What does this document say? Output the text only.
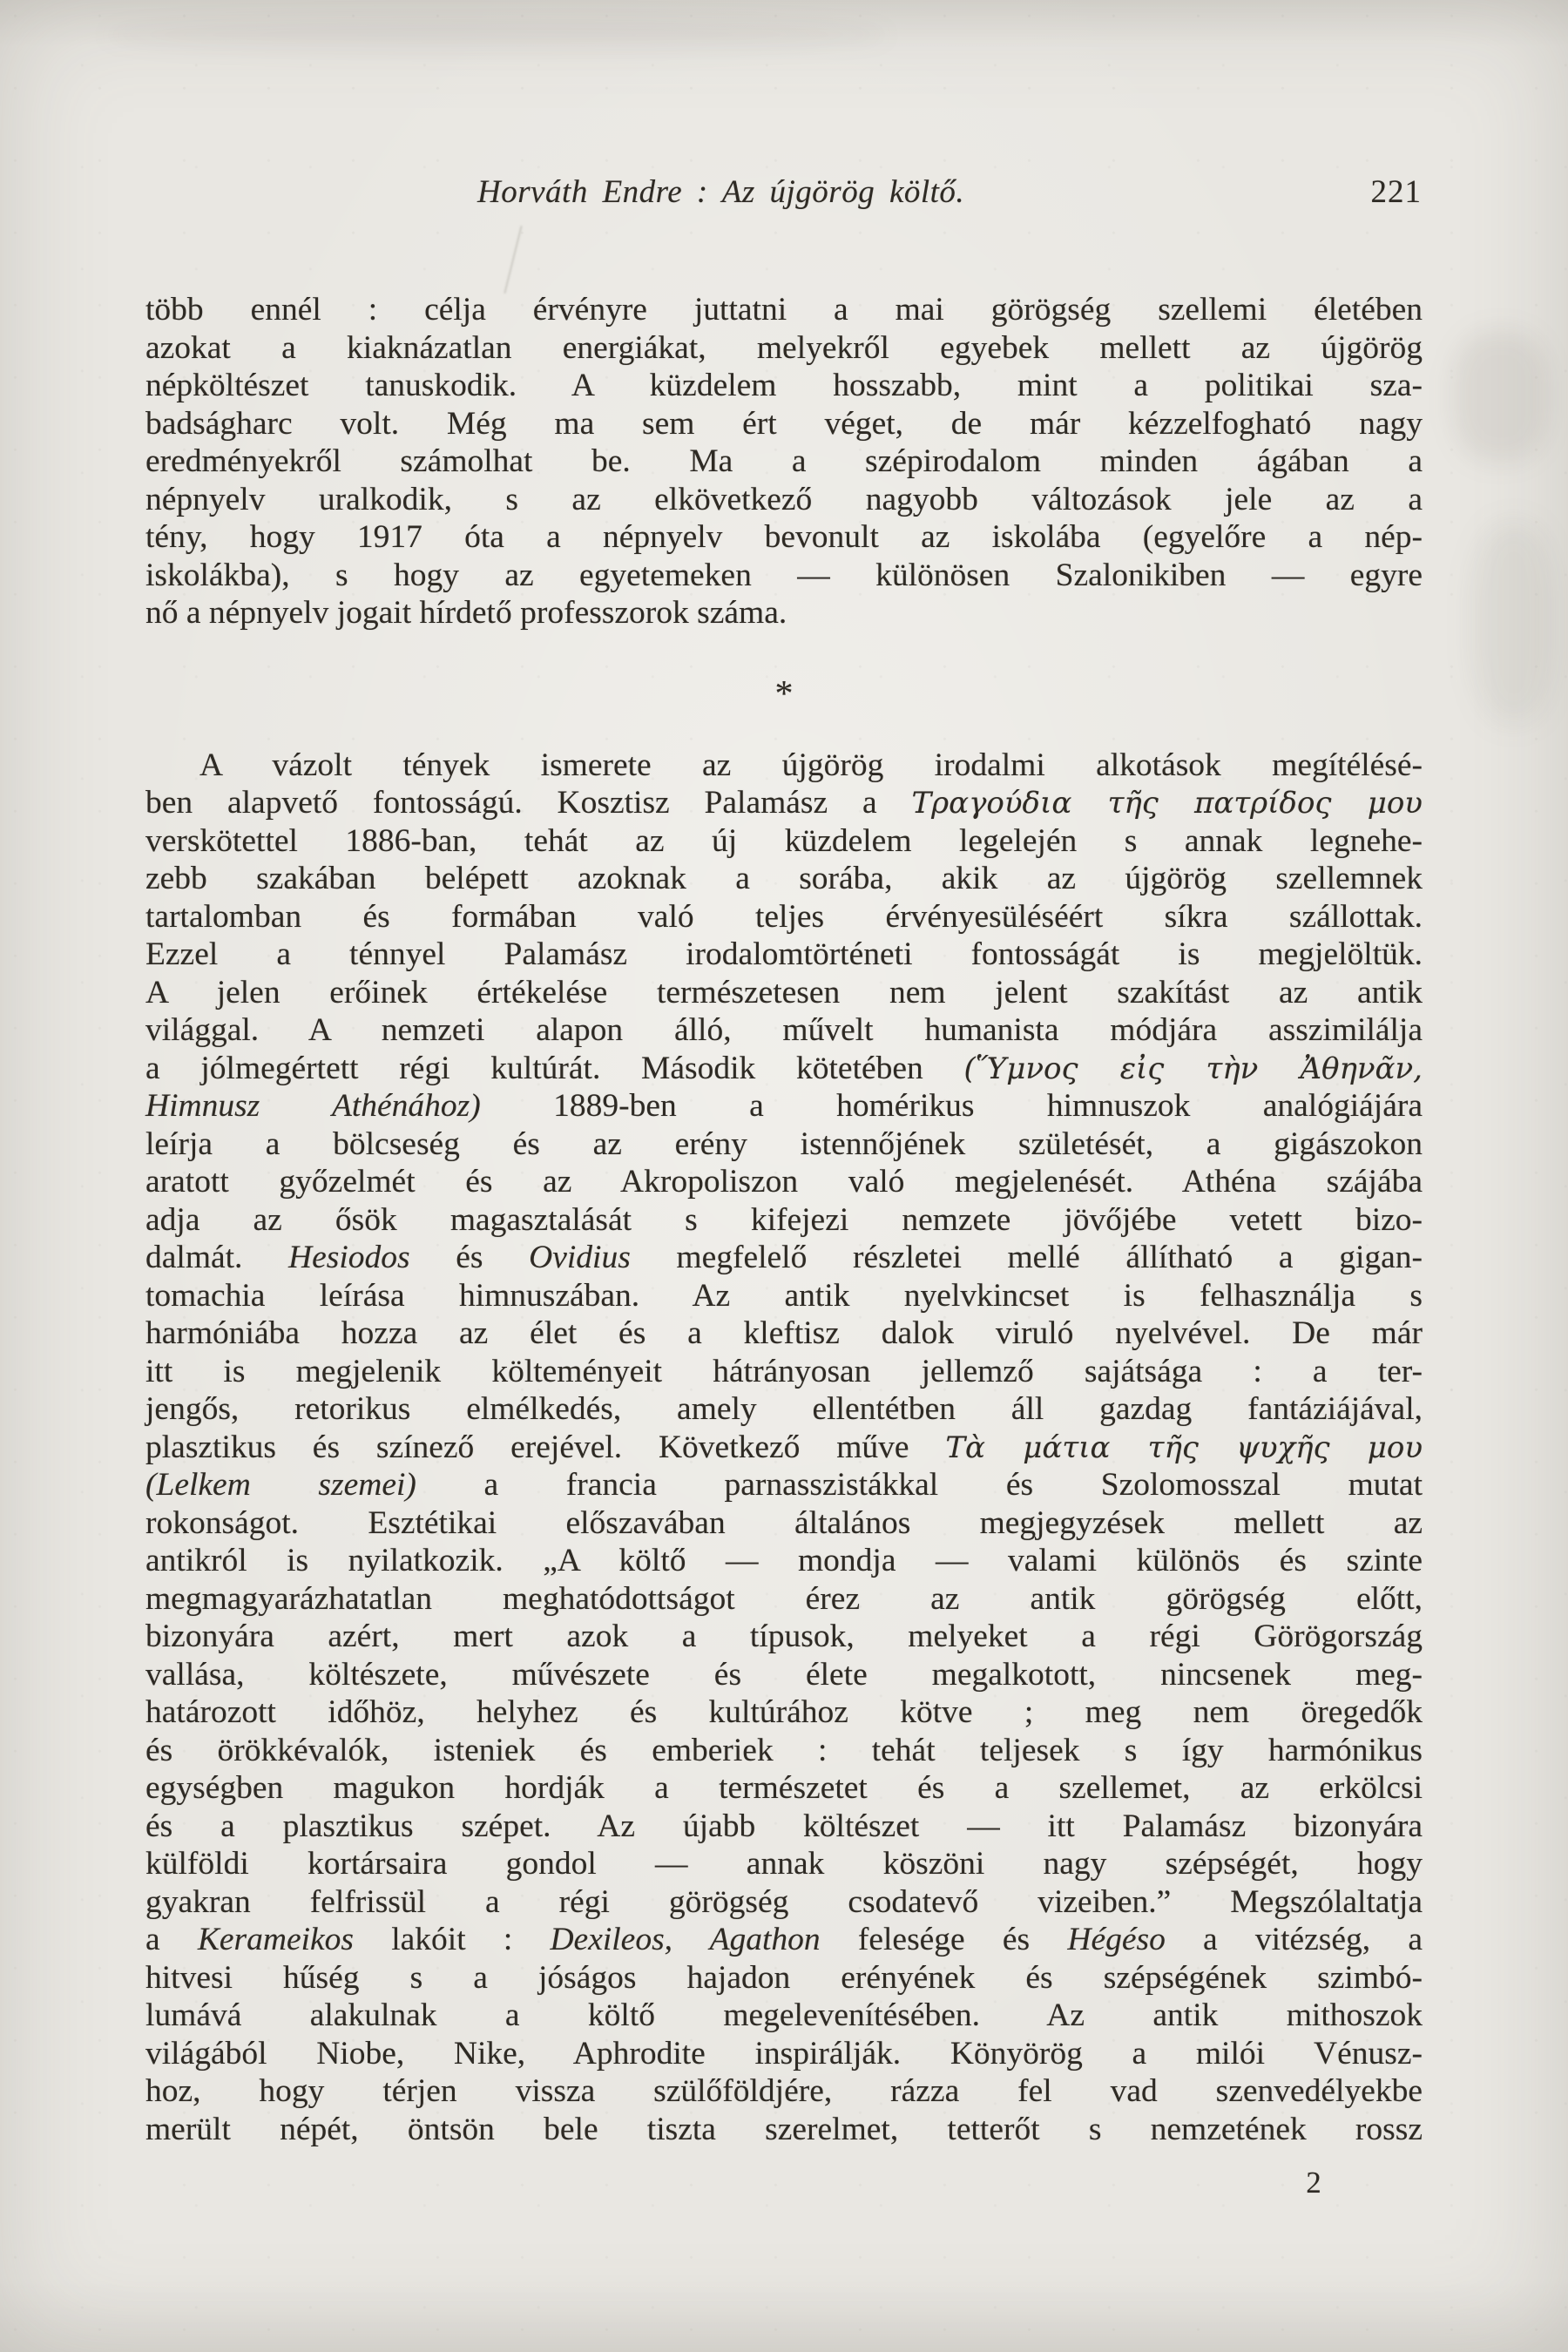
Horváth Endre : Az újgörög költő.	221
több ennél : célja érvényre juttatni a mai görögség szellemi életében
azokat a kiaknázatlan energiákat, melyekről egyebek mellett az újgörög
népköltészet tanuskodik. A küzdelem hosszabb, mint a politikai sza-
badságharc volt. Még ma sem ért véget, de már kézzelfogható nagy
eredményekről számolhat be. Ma a szépirodalom minden ágában a
népnyelv uralkodik, s az elkövetkező nagyobb változások jele az a
tény, hogy 1917 óta a népnyelv bevonult az iskolába (egyelőre a nép-
iskolákba), s hogy az egyetemeken — különösen Szalonikiben — egyre
nő a népnyelv jogait hírdető professzorok száma.
*
A vázolt tények ismerete az újgörög irodalmi alkotások megítélésé-
ben alapvető fontosságú. Kosztisz Palamász a Τραγούδια τῆς πατρίδος μου
verskötettel 1886-ban, tehát az új küzdelem legelején s annak legnehe-
zebb szakában belépett azoknak a sorába, akik az újgörög szellemnek
tartalomban és formában való teljes érvényesüléséért síkra szállottak.
Ezzel a ténnyel Palamász irodalomtörténeti fontosságát is megjelöltük.
A jelen erőinek értékelése természetesen nem jelent szakítást az antik
világgal. A nemzeti alapon álló, művelt humanista módjára asszimilálja
a jólmegértett régi kultúrát. Második kötetében (Ὕμνος εἰς τὴν Ἀθηνᾶν,
Himnusz Athénához) 1889-ben a homérikus himnuszok analógiájára
leírja a bölcseség és az erény istennőjének születését, a gigászokon
aratott győzelmét és az Akropoliszon való megjelenését. Athéna szájába
adja az ősök magasztalását s kifejezi nemzete jövőjébe vetett bizo-
dalmát. Hesiodos és Ovidius megfelelő részletei mellé állítható a gigan-
tomachia leírása himnuszában. Az antik nyelvkincset is felhasználja s
harmóniába hozza az élet és a kleftisz dalok viruló nyelvével. De már
itt is megjelenik költeményeit hátrányosan jellemző sajátsága : a ter-
jengős, retorikus elmélkedés, amely ellentétben áll gazdag fantáziájával,
plasztikus és színező erejével. Következő műve Τὰ μάτια τῆς ψυχῆς μου
(Lelkem szemei) a francia parnasszistákkal és Szolomosszal mutat
rokonságot. Esztétikai előszavában általános megjegyzések mellett az
antikról is nyilatkozik. „A költő — mondja — valami különös és szinte
megmagyarázhatatlan meghatódottságot érez az antik görögség előtt,
bizonyára azért, mert azok a típusok, melyeket a régi Görögország
vallása, költészete, művészete és élete megalkotott, nincsenek meg-
határozott időhöz, helyhez és kultúrához kötve ; meg nem öregedők
és örökkévalók, isteniek és emberiek : tehát teljesek s így harmónikus
egységben magukon hordják a természetet és a szellemet, az erkölcsi
és a plasztikus szépet. Az újabb költészet — itt Palamász bizonyára
külföldi kortársaira gondol — annak köszöni nagy szépségét, hogy
gyakran felfrissül a régi görögség csodatevő vizeiben.” Megszólaltatja
a Kerameikos lakóit : Dexileos, Agathon felesége és Hégéso a vitézség, a
hitvesi hűség s a jóságos hajadon erényének és szépségének szimbó-
lumává alakulnak a költő megelevenítésében. Az antik mithoszok
világából Niobe, Nike, Aphrodite inspirálják. Könyörög a milói Vénusz-
hoz, hogy térjen vissza szülőföldjére, rázza fel vad szenvedélyekbe
merült népét, öntsön bele tiszta szerelmet, tetterőt s nemzetének rossz
2
